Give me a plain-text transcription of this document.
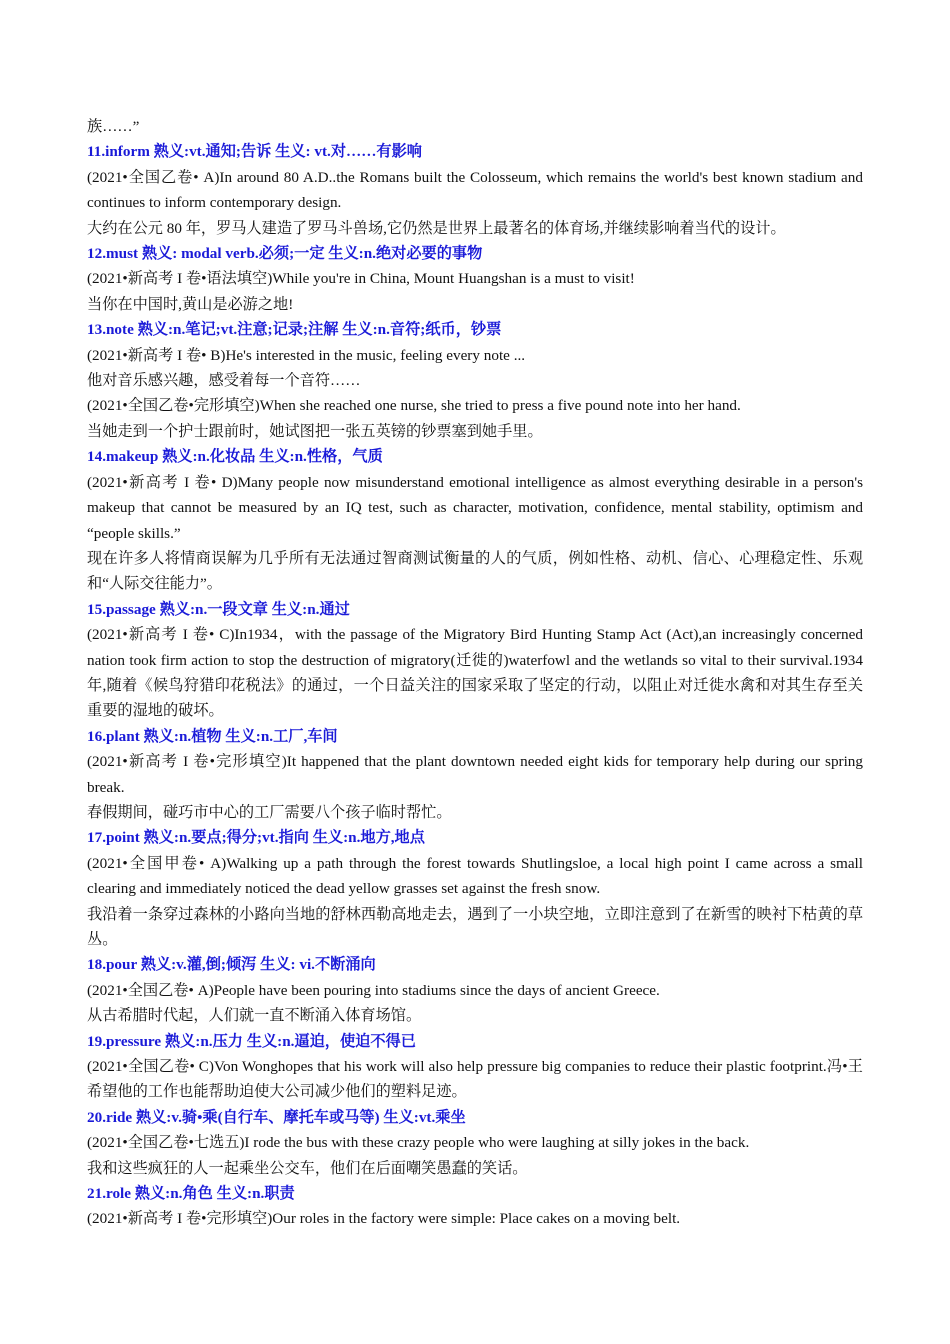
族……”

11.inform 熟义:vt.通知;告诉 生义: vt.对……有影响

(2021•全国乙卷• A)In around 80 A.D..the Romans built the Colosseum, which remains the world's best known stadium and continues to inform contemporary design.

大约在公元 80 年，罗马人建造了罗马斗兽场,它仍然是世界上最著名的体育场,并继续影响着当代的设计。

12.must 熟义: modal verb.必须;一定 生义:n.绝对必要的事物

(2021•新高考 I 卷•语法填空)While you're in China, Mount Huangshan is a must to visit!

当你在中国时,黄山是必游之地!

13.note 熟义:n.笔记;vt.注意;记录;注解 生义:n.音符;纸币，钞票

(2021•新高考 I 卷• B)He's interested in the music, feeling every note ...

他对音乐感兴趣，感受着每一个音符……

(2021•全国乙卷•完形填空)When she reached one nurse, she tried to press a five pound note into her hand.

当她走到一个护士跟前时，她试图把一张五英镑的钞票塞到她手里。

14.makeup 熟义:n.化妆品 生义:n.性格，气质

(2021•新高考 I 卷• D)Many people now misunderstand emotional intelligence as almost everything desirable in a person's makeup that cannot be measured by an IQ test, such as character, motivation, confidence, mental stability, optimism and “people skills.”

现在许多人将情商误解为几乎所有无法通过智商测试衡量的人的气质，例如性格、动机、信心、心理稳定性、乐观和“人际交往能力”。

15.passage 熟义:n.一段文章 生义:n.通过

(2021•新高考 I 卷• C)In1934，with the passage of the Migratory Bird Hunting Stamp Act (Act),an increasingly concerned nation took firm action to stop the destruction of migratory(迁徙的)waterfowl and the wetlands so vital to their survival.1934 年,随着《候鸟狩猎印花税法》的通过，一个日益关注的国家采取了坚定的行动，以阻止对迁徙水禽和对其生存至关重要的湿地的破坏。

16.plant 熟义:n.植物 生义:n.工厂,车间

(2021•新高考 I 卷•完形填空)It happened that the plant downtown needed eight kids for temporary help during our spring break.

春假期间，碰巧市中心的工厂需要八个孩子临时帮忙。

17.point 熟义:n.要点;得分;vt.指向 生义:n.地方,地点

(2021•全国甲卷• A)Walking up a path through the forest towards Shutlingsloe, a local high point I came across a small clearing and immediately noticed the dead yellow grasses set against the fresh snow.

我沿着一条穿过森林的小路向当地的舒林西勒高地走去，遇到了一小块空地，立即注意到了在新雪的映衬下枯黄的草丛。

18.pour 熟义:v.灌,倒;倾泻 生义: vi.不断涌向

(2021•全国乙卷• A)People have been pouring into stadiums since the days of ancient Greece.

从古希腊时代起，人们就一直不断涌入体育场馆。

19.pressure 熟义:n.压力 生义:n.逼迫，使迫不得已

(2021•全国乙卷• C)Von Wonghopes that his work will also help pressure big companies to reduce their plastic footprint.冯•王希望他的工作也能帮助迫使大公司减少他们的塑料足迹。

20.ride 熟义:v.骑•乘(自行车、摩托车或马等) 生义:vt.乘坐

(2021•全国乙卷•七选五)I rode the bus with these crazy people who were laughing at silly jokes in the back.

我和这些疯狂的人一起乘坐公交车，他们在后面嘲笑愚蠢的笑话。

21.role 熟义:n.角色 生义:n.职责

(2021•新高考 I 卷•完形填空)Our roles in the factory were simple: Place cakes on a moving belt.
